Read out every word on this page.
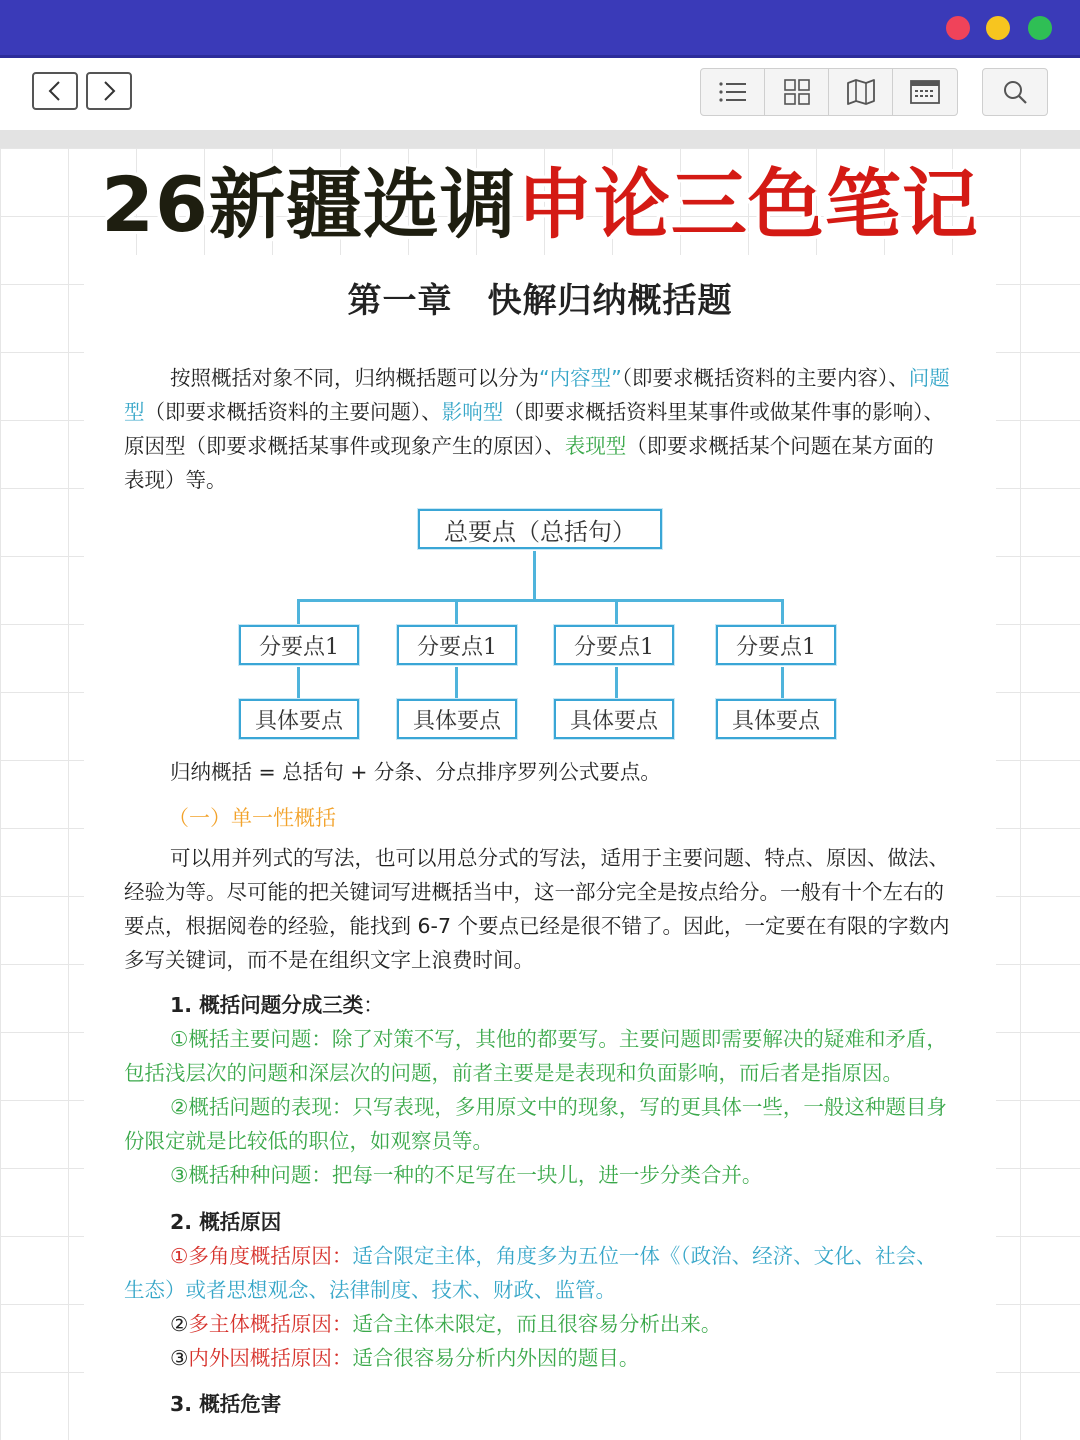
第一章　快解归纳概括题
按照概括对象不同，归纳概括题可以分为“内容型”（即要求概括资料的主要内容）、问题型（即要求概括资料的主要问题）、影响型（即要求概括资料里某事件或做某件事的影响）、原因型（即要求概括某事件或现象产生的原因）、表现型（即要求概括某个问题在某方面的表现）等。
总要点（总括句）
分要点1	分要点1	分要点1	分要点1
具体要点	具体要点	具体要点	具体要点
归纳概括 = 总括句 + 分条、分点排序罗列公式要点。
（一）单一性概括
可以用并列式的写法，也可以用总分式的写法，适用于主要问题、特点、原因、做法、经验为等。尽可能的把关键词写进概括当中，这一部分完全是按点给分。一般有十个左右的要点，根据阅卷的经验，能找到 6-7 个要点已经是很不错了。因此，一定要在有限的字数内多写关键词，而不是在组织文字上浪费时间。
1. 概括问题分成三类：
①概括主要问题：除了对策不写，其他的都要写。主要问题即需要解决的疑难和矛盾，包括浅层次的问题和深层次的问题，前者主要是是表现和负面影响，而后者是指原因。
②概括问题的表现：只写表现，多用原文中的现象，写的更具体一些，一般这种题目身份限定就是比较低的职位，如观察员等。
③概括种种问题：把每一种的不足写在一块儿，进一步分类合并。
2. 概括原因
①多角度概括原因：适合限定主体，角度多为五位一体《（政治、经济、文化、社会、生态）或者思想观念、法律制度、技术、财政、监管。
②多主体概括原因：适合主体未限定，而且很容易分析出来。
③内外因概括原因：适合很容易分析内外因的题目。
3. 概括危害
26新疆选调申论三色笔记
